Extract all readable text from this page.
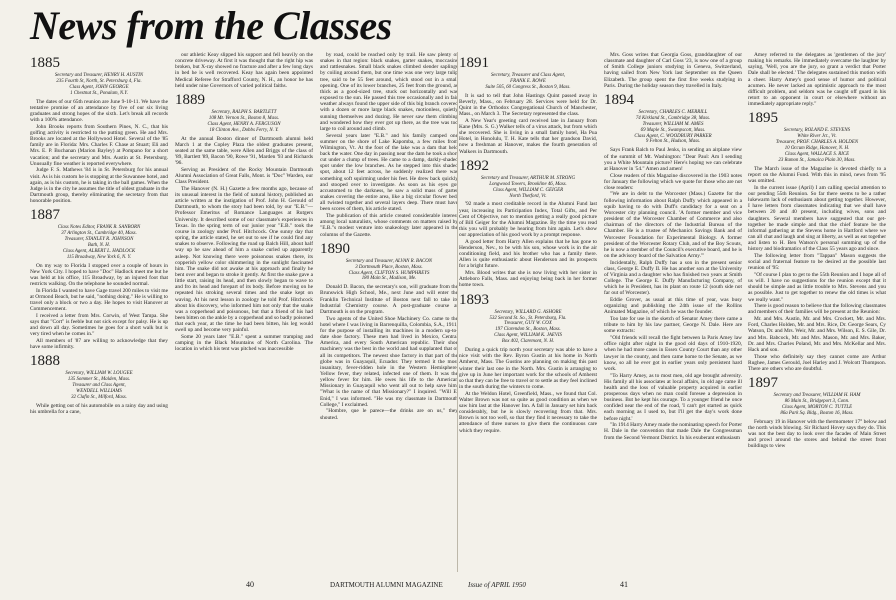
News from the Classes
1885
Secretary and Treasurer, HENRY H. AUSTIN
235 Fourth St, North, St. Petersburg 4, Fla.
Class Agent, JOHN GEORGE
1 Chestnut St., Ponalam, N.Y.

The dates of our 65th reunion are June 9-10-11. We have the tentative promise of an attendance by five of our six living graduates and strong hopes of the sixth. Let's break all records with a 100% attendance.

John Brooks reports from Southern Pines, N. C., that his golfing activity is restricted to the putting green. He and Mrs. Brooks are located at the Hollywood Hotel. Several of the '85 family are in Florida: Mrs. Charles F. Chase at Stuart; Eli and Mrs. E. P. Buchanan (Marion Bayley) at Pompano for a short vacation; and the secretary and Mrs. Austin at St. Petersburg. Unusually fine weather is reported everywhere.

Judge F. S. Mathews '84 is in St. Petersburg for his annual visit. As is his custom he is stopping at the Suwannee hotel, and again, as is his custom, he is taking in the ball games. When the Judge is in the city he assumes the title of oldest graduate in the Dartmouth group, thereby eliminating the secretary from that honorable position.

1887
Class Notes Editor, FRANK R. SANBORN
37 Arlington St., Cambridge 40, Mass.
Treasurer, STANLEY R. JOHNSON
Bath, N. H.
Class Agent, ALBERT L. HADLOCK
115 Broadway, New York 6, N. Y.

On my way to Florida I stopped over a couple of hours in New York City. I hoped to have "Doc" Hadlock meet me but he was held at his office, 115 Broadway, by an injured foot that restricts walking. On the telephone he sounded normal.

In Florida I wanted to have Gage travel 200 miles to visit me at Ormond Beach, but he said, "nothing doing." He is willing to travel only a block or two a day. He hopes to visit Hanover at Commencement.

I received a letter from Mrs. Corwin, of West Tampa. She says that "Cort" is feeble but not sick except for palsy. He is up and down all day. Sometimes he goes for a short walk but is very tired when he comes in."

All members of '87 are willing to acknowledge that they have some infirmity.

1888
Secretary, WILLIAM W. LOUGEE
135 Sommer St., Malden, Mass.
Treasurer and Class Agent,
WENDELL WILLIAMS
32 Clafin St., Milford, Mass.

While getting out of his automobile on a rainy day and using his umbrella for a cane,

our athletic Keay slipped his support and fell heavily on the concrete driveway. At first it was thought that the right hip was broken, but X-ray showed no fracture and after a few long days in bed he is well recovered. Keay has again been appointed Medical Referee for Strafford County, N. H., an honor he has held under nine Governors of varied political faiths.

1889
Secretary, RALPH S. BARTLETT
108 Mt. Vernon St., Boston 8, Mass.
Class Agent, HENRY A. FERGUSON
18 Clinton Ave., Dobbs Ferry, N. Y.

At the annual Boston dinner of Dartmouth alumni held March 1 at the Copley Plaza the oldest graduates present, seated at the same table, were Allen and Briggs of the class of '89, Bartlett '89, Bacon '90, Rowe '91, Marden '93 and Richards '96.

Serving as President of the Rocky Mountain Dartmouth Alumni Association of Great Falls, Mont. is "Doc" Warden, our Class President.

The Hanover (N. H.) Gazette a few months ago, because of its unusual interest in the field of natural history, published an article written at the instigation of Prof. John H. Gerould of Dartmouth, to whom the story had been told, by our "E.B."—Professor Emeritus of Romance Languages at Rutgers University. It described some of our classmate's experiences in Texas. In the spring term of our junior year "E.B." took the course in zoology under Prof. Hitchcock. One sunny day that spring, the article stated, he set out to see if he could find any snakes to observe. Following the road up Balch Hill, about half way up he saw ahead of him a snake curled up apparently asleep. Not knowing there were poisonous snakes there, its copperish yellow color shimmering in the sunlight fascinated him. The snake did not awake at his approach and finally he bent over and began to stroke it gently. At first the snake gave a little start, raising its head, and then slowly began to wave to and fro its head and forepart of its body. Before moving on he repeated his stroking several times and the snake kept on waving. At his next lesson in zoology he told Prof. Hitchcock about his discovery, who informed him not only that the snake was a copperhead and poisonous, but that a friend of his had been bitten on the ankle by a copperhead and so badly poisoned that each year, at the time he had been bitten, his leg would swell up and become very painful.

Some 20 years later "E.B." spent a summer tramping and camping in the Black Mountains of North Carolina. The location in which his tent was pitched was inaccessible

by road, could be reached only by trail. He saw plenty of snakes in that region: black snakes, garter snakes, moccasins and rattlesnakes. Small black snakes climbed slender saplings by coiling around them, but one time was one very large tulip tree, said to be 55 feet around, which stood out in a small opening. One of its lower branches, 25 feet from the ground, as thick as a good-sized tree, stuck out horizontally and was exposed to the sun. He passed this tree occasionally and in fair weather always found the upper side of this big branch covered with a dozen or more large black snakes, motionless, quietly sunning themselves and dozing. He never saw them climbing and wondered how they ever got up there, as the tree was too large to coil around and climb.

Several years later "E.B." and his family camped one summer on the shore of Lake Kapomba, a few miles from Wilmington, Vt. At the foot of the lake was a dam that held back the water. One day in passing near the dam he took a short cut under a clump of trees. He came to a damp, darkly-shaded spot under the low branches. As he stepped into this shaded spot, about 12 feet across, he suddenly realized there was something soft squirming under his feet. He drew back quickly and stooped over to investigate. As soon as his eyes got accustomed to the darkness, he saw a solid mass of garter snakes covering the entire area, like a big circular flower bed, all twisted together and several layers deep. There must have been scores of them, his article stated.

The publication of this article created considerable interest among local naturalists, whose comments on matters raised by "E.B."s modest venture into snakeology later appeared in the columns of the Gazette.

1890
Secretary and Treasurer, ALVAN R. BACON
3 Dartmouth Place, Boston, Mass.
Class Agent, CLIFTON S. HUMPHREYS
180 Main St., Madison, Me.

Donald D. Bacon, the secretary's son, will graduate from the Brunswick High School, Me., next June and will enter the Franklin Technical Institute of Boston next fall to take its Industrial Chemistry course. A post-graduate course at Dartmouth is on the program.

Two agents of the United Shoe Machinery Co. came to the hotel where I was living in Barrenquilla, Colombia, S.A., 1911, for the purpose of installing its machines in a modern up-to-date shoe factory. These men had lived in Mexico, Central America, and every South American republic. Their shoe machinery was the best in the world and had supplanted that of all its competitors. The newest shoe factory in that part of the globe was in Guayaquil, Ecuador. They termed it the most insanitary, fever-ridden hole in the Western Hemisphere. Yellow fever, they related, infected one of them. It was the yellow fever for him. He owes his life to the American Missionary in Guayaquil who went all out to help save him. "What is the name of that Missionary?" I inquired. "Will E. Enid," I was informed. "He was my classmate in Dartmouth College," I exclaimed.

"Hombre, que le parece—the drinks are on us," they shouted.

1891
Secretary, Treasurer and Class Agent,
FRANK E. ROWE
Suite 505, 60 Congress St., Boston 9, Mass.

It is sad to tell that John Hastings Quint passed away in Beverly, Mass., on February 28. Services were held for Dr. Quint in the Orthodox Congregational Church of Manchester, Mass., on March 3. The Secretary represented the class.

A New Year's greeting card received late in January from Kane (Mrs. S. G.) Walker tells of a virus attack, but from which she recovered. She is living in a small family hotel, Ha Pua Hotel, in Honolulu, T. H. Kate tells that her grandson David, now a freshman at Hanover, makes the fourth generation of Walkers in Dartmouth.

1892
Secretary and Treasurer, ARTHUR M. STRONG
Longwood Towers, Brookline 46, Mass.
Class Agent, WILLIAM C. GEIGER
North Thetford, Vt.

'92 made a most creditable record in the Alumni Fund last year, increasing its Participation Index, Total Gifts, and Per Cent of Objective, not to mention getting a really good picture of Bill Geiger for the Alumni Magazine. By the time you read this you will probably be hearing from him again. Let's show our appreciation of his good work by a prompt response.

A good letter from Harry Allen explains that he has gone to Henderson, Nev., to be with his son, whose work is in the air conditioning field, and his brother who has a family there. Allen is quite enthusiastic about Henderson and its prospects for a bright future.

Mrs. Blood writes that she is now living with her sister in Attleboro Falls, Mass. and enjoying being back in her former home town.

1893
Secretary, WILLARD G. ASHORE
532 Second St. So., St. Petersburg, Fla.
Treasurer, GUY W. COX
197 Clarendon St., Boston, Mass.
Class Agent, WILLIAM K. JAEVIS
Box 402, Claremont, N. H.

During a quick trip north your secretary was able to have a nice visit with the Rev. Byron Gustin at his home in North Amherst, Mass. The Gustins are planning on making this past winter their last one in the North. Mrs. Gustin is arranging to give up in June her important work for the schools of Amherst so that they can be free to travel or to settle as they feel inclined in the south during the winters to come.

At the Weldon Hotel, Greenfield, Mass., we found that Col. Walter Brown was not so quite as good condition as when we saw him last at the Hanover Inn. A fall in January set him back considerably, but he is slowly recovering from that. Mrs. Brown is not too well, so that they find it necessary to take the attendance of three nurses to give them the continuous care which they require.

Mrs. Goss writes that Georgia Goss, granddaughter of our classmate and daughter of Carl Goss '23, is now one of a group of Smith College juniors studying in Geneva, Switzerland, having sailed from New York last September on the Queen Elizabeth. The group spent the first five weeks studying in Paris. During the holiday season they travelled in Italy.

1894
Secretary, CHARLES C. MERRILL
74 Kirkland St., Cambridge 38, Mass.
Treasurer, WILLIAM M. AMES
69 Maple St., Swampscott, Mass.
Class Agent, C. WOODBURY PARKER
9 Felton St., Hudson, Mass.

Says Frank Balch to Paul Jenks, in sending an airplane view of the summit of Mt. Washington: "Dear Paul: Am I sending you a White Mountain picture? Here's hoping we can celebrate at Hanover in '54." Amen and amen!

Close readers of this Magazine discovered in the 1903 notes for January the following which we quote for those who are not close readers:

"We are in debt to the Worcester (Mass.) Gazette for the following information about Ralph Duffy which appeared in a squib having to do with Duff's candidacy for a seat on a Worcester city planning council. 'A former member and vice president of the Worcester Chamber of Commerce and also chairman of the directors of the Industrial Bureau of the Chamber. He is a trustee of Mechanics Savings Bank and of Worcester Foundation for Experimental Biology. A former president of the Worcester Rotary Club, and of the Boy Scouts, he is now a member of the Council's executive board, and he is on the advisory board of the Salvation Army.'"

Incidentally, Ralph Duffy has a son in the present senior class, George E. Duffy II. He has another son at the University of Virginia and a daughter who has finished two years at Smith College. The George E. Duffy Manufacturing Company, of which he is President, has its plant on route 12 (south side not far out of Worcester).

Eddie Grover, as usual at this time of year, was busy organizing and publishing the 24th issue of the Rollins Animated Magazine, of which he was the founder.

Too late for use in the sketch of Senator Amey there came a tribute to him by his law partner, George N. Dale. Here are some extracts:

"Old friends will recall the fight between la Paris Amey law office night after night in the good old days of 1910-1920, when he had more cases in Essex County Court than any other lawyer in the county, and then came home to the Senate, as we know, so all he ever got in earlier years only persistent hard work.

"To Harry Amey, as to most men, old age brought adversity. His family all his associates at local affairs, in old age came ill health and the loss of valuable property acquired in earlier prosperous days when no man could foresee a depression in business. But he kept his courage. To a younger friend he once confided near the end of the road, 'I can't get started as quick each morning as I used to, but I'll get the day's work done before night.'

"In 1914 Harry Amey made the nominating speech for Porter H. Dale in the convention that made Dale the Congressman from the Second Vermont District. In his exuberant enthusiasm

Amey referred to the delegates as 'gentlemen of the jury' making his remarks. He immediately overcame the laughter by saying, 'Well, you are the jury, so grant a verdict that Porter Dale shall be elected.' The delegates sustained this motion with a cheer. Harry Amey's good sense of humor and political acumen. He never lacked an optimistic approach to the most difficult problem, and seldom was he caught off guard in his retort to an opponent in court or elsewhere without an immediately appropriate reply."

1895
Secretary, ROLAND E. STEVENS
White River Jct., Vt.
Treasurer, PROF. CHARLES A. HOLDEN
10 Occum Ridge, Hanover, N. H.
Class Agent, WALLACE S. RICE
23 Ramon St., Jamaica Plain 30, Mass.

The March issue of the Magazine is devoted chiefly to a report on the Alumni Fund. With this in mind, news from '95 was omitted.

In the current issue (April) I am calling special attention to our pending 55th Reunion. So far there seems to be a rather lukewarm lack of enthusiasm about getting together. However, I have letters from classmates indicating that we shall have between 20 and 40 present, including wives, sons and daughters. Several members have suggested that our get-together be made simple and that the chief feature be the informal gathering at the Stevens home in Hartford where we can all chat and laugh and sing at liberty, as well as eat together and listen to H. Ben Watson's personal summing up of the history and biodramatics of the Class 55 years ago and since.

The following letter from "Tappan" Mason suggests the social and fraternal feature to be desired at the possible last reunion of '95:

"Of course I plan to get to the 55th Reunion and I hope all of us will. I have no suggestions for the reunion except that it should be simple and as little trouble to Mrs. Stevens and you as possible. Just to get together to renew the old times is what we really want."

There is good reason to believe that the following classmates and members of their families will be present at the Reunion:

Mr. and Mrs. Austin, Mr. and Mrs. Crockett, Mr. and Mrs. Ford, Charles Holden, Mr. and Mrs. Rice, Dr. George Sears, Cy Watson, Dr. and Mrs. Weir, Mr. and Mrs. Wilson, E. S. Gile, Dr. and Mrs. Babcock, Mr. and Mrs. Mason, Mr. and Mrs. Baker, Dr. and Mrs. Charles Poland, Mr. and Mrs. McKellar and Mrs. Hack and son.

Those who definitely say they cannot come are Arthur Rughee, James Gerould, Joel Harley and J. Wolcott Thompson. There are others who are doubtful.

1897
Secretary and Treasurer, WILLIAM H. HAM
86 Main St., Bridgeport 3, Conn.
Class Agent, MORTON C. TUTTLE
86a Park Sq. Bldg., Boston 16, Mass.

February 19 in Hanover with the thermometer 17° below and the north winds blowing. Sir Richard Hovey says they do. This was not the best day to look over the facades of Main Street and prowl around the stores and behind the street front buildings to view

40	DARTMOUTH ALUMNI MAGAZINE	Issue of APRIL 1950	41
